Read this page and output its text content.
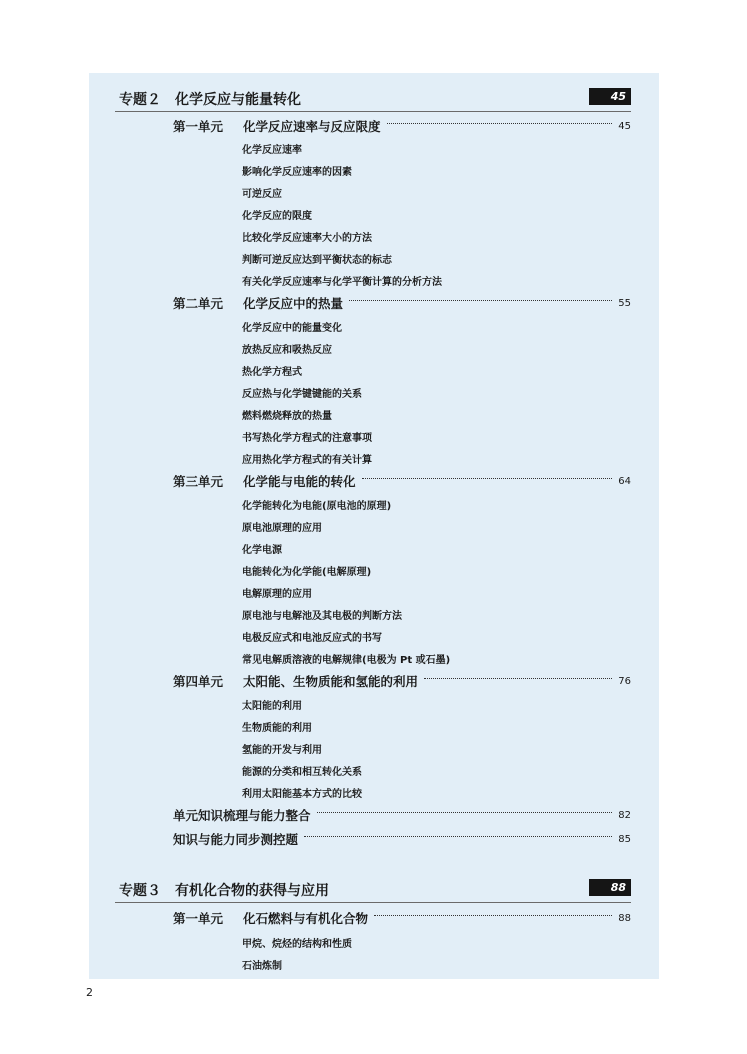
专题２　化学反应与能量转化	45
第一单元	化学反应速率与反应限度	45
化学反应速率
影响化学反应速率的因素
可逆反应
化学反应的限度
比较化学反应速率大小的方法
判断可逆反应达到平衡状态的标志
有关化学反应速率与化学平衡计算的分析方法
第二单元	化学反应中的热量	55
化学反应中的能量变化
放热反应和吸热反应
热化学方程式
反应热与化学键键能的关系
燃料燃烧释放的热量
书写热化学方程式的注意事项
应用热化学方程式的有关计算
第三单元	化学能与电能的转化	64
化学能转化为电能(原电池的原理)
原电池原理的应用
化学电源
电能转化为化学能(电解原理)
电解原理的应用
原电池与电解池及其电极的判断方法
电极反应式和电池反应式的书写
常见电解质溶液的电解规律(电极为 Pt 或石墨)
第四单元	太阳能、生物质能和氢能的利用	76
太阳能的利用
生物质能的利用
氢能的开发与利用
能源的分类和相互转化关系
利用太阳能基本方式的比较
单元知识梳理与能力整合	82
知识与能力同步测控题	85
专题３　有机化合物的获得与应用	88
第一单元	化石燃料与有机化合物	88
甲烷、烷烃的结构和性质
石油炼制
2
